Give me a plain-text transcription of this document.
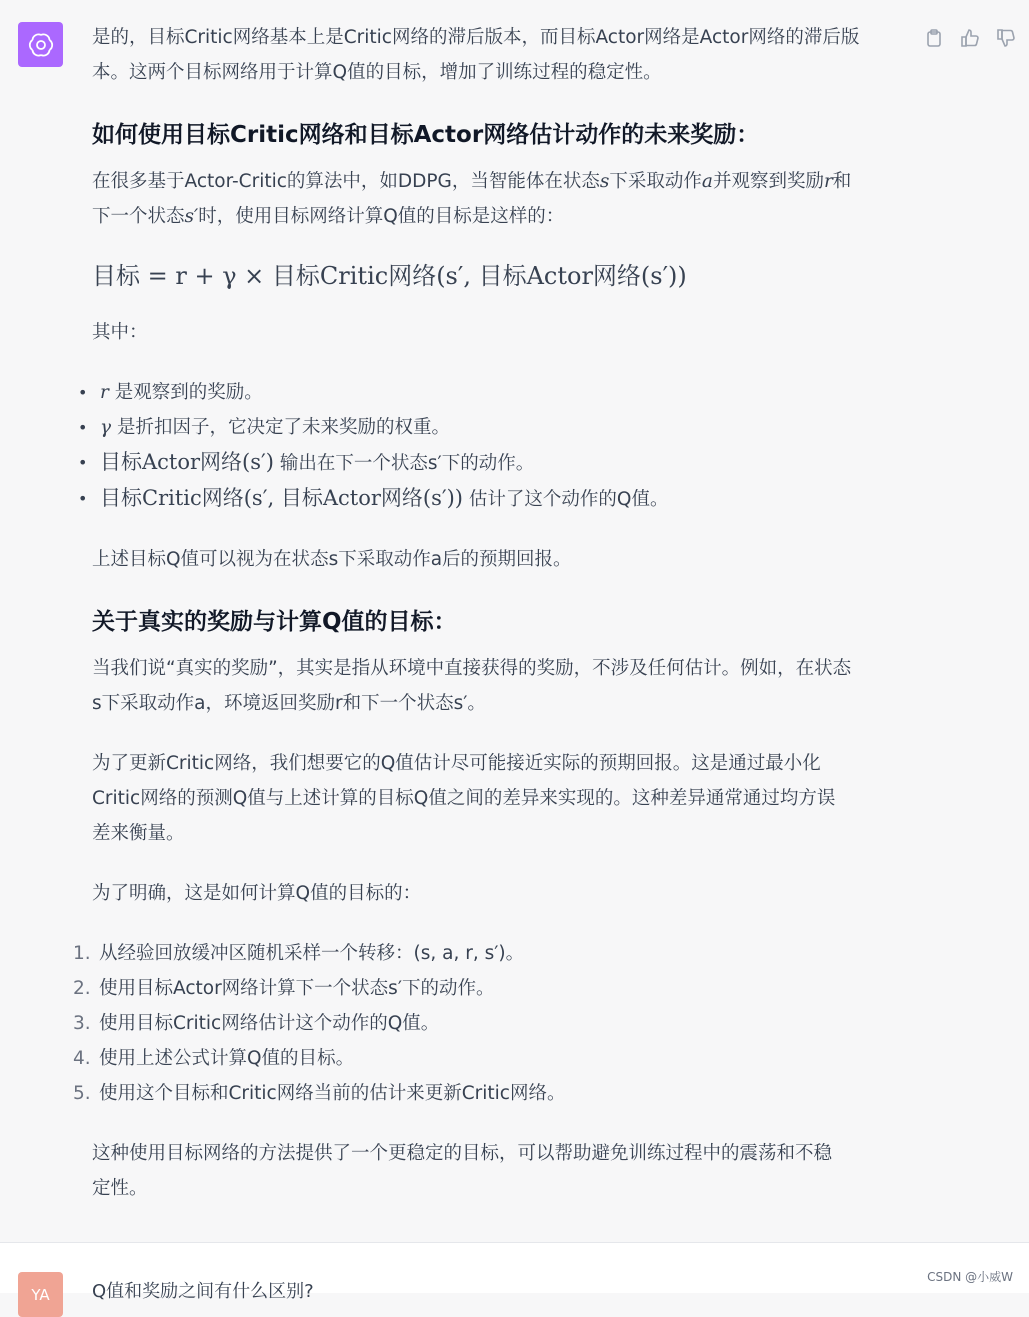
是的，目标Critic网络基本上是Critic网络的滞后版本，而目标Actor网络是Actor网络的滞后版
本。这两个目标网络用于计算Q值的目标，增加了训练过程的稳定性。

如何使用目标Critic网络和目标Actor网络估计动作的未来奖励：

在很多基于Actor-Critic的算法中，如DDPG，当智能体在状态s下采取动作a并观察到奖励r和
下一个状态s′时，使用目标网络计算Q值的目标是这样的：

目标 = r + γ × 目标Critic网络(s′, 目标Actor网络(s′))

其中：

• r 是观察到的奖励。
• γ 是折扣因子，它决定了未来奖励的权重。
• 目标Actor网络(s′) 输出在下一个状态s′下的动作。
• 目标Critic网络(s′, 目标Actor网络(s′)) 估计了这个动作的Q值。

上述目标Q值可以视为在状态s下采取动作a后的预期回报。

关于真实的奖励与计算Q值的目标：

当我们说“真实的奖励”，其实是指从环境中直接获得的奖励，不涉及任何估计。例如，在状态
s下采取动作a，环境返回奖励r和下一个状态s′。

为了更新Critic网络，我们想要它的Q值估计尽可能接近实际的预期回报。这是通过最小化
Critic网络的预测Q值与上述计算的目标Q值之间的差异来实现的。这种差异通常通过均方误
差来衡量。

为了明确，这是如何计算Q值的目标的：

1. 从经验回放缓冲区随机采样一个转移：(s, a, r, s′)。
2. 使用目标Actor网络计算下一个状态s′下的动作。
3. 使用目标Critic网络估计这个动作的Q值。
4. 使用上述公式计算Q值的目标。
5. 使用这个目标和Critic网络当前的估计来更新Critic网络。

这种使用目标网络的方法提供了一个更稳定的目标，可以帮助避免训练过程中的震荡和不稳
定性。

YA	Q值和奖励之间有什么区别?
CSDN @小威W
